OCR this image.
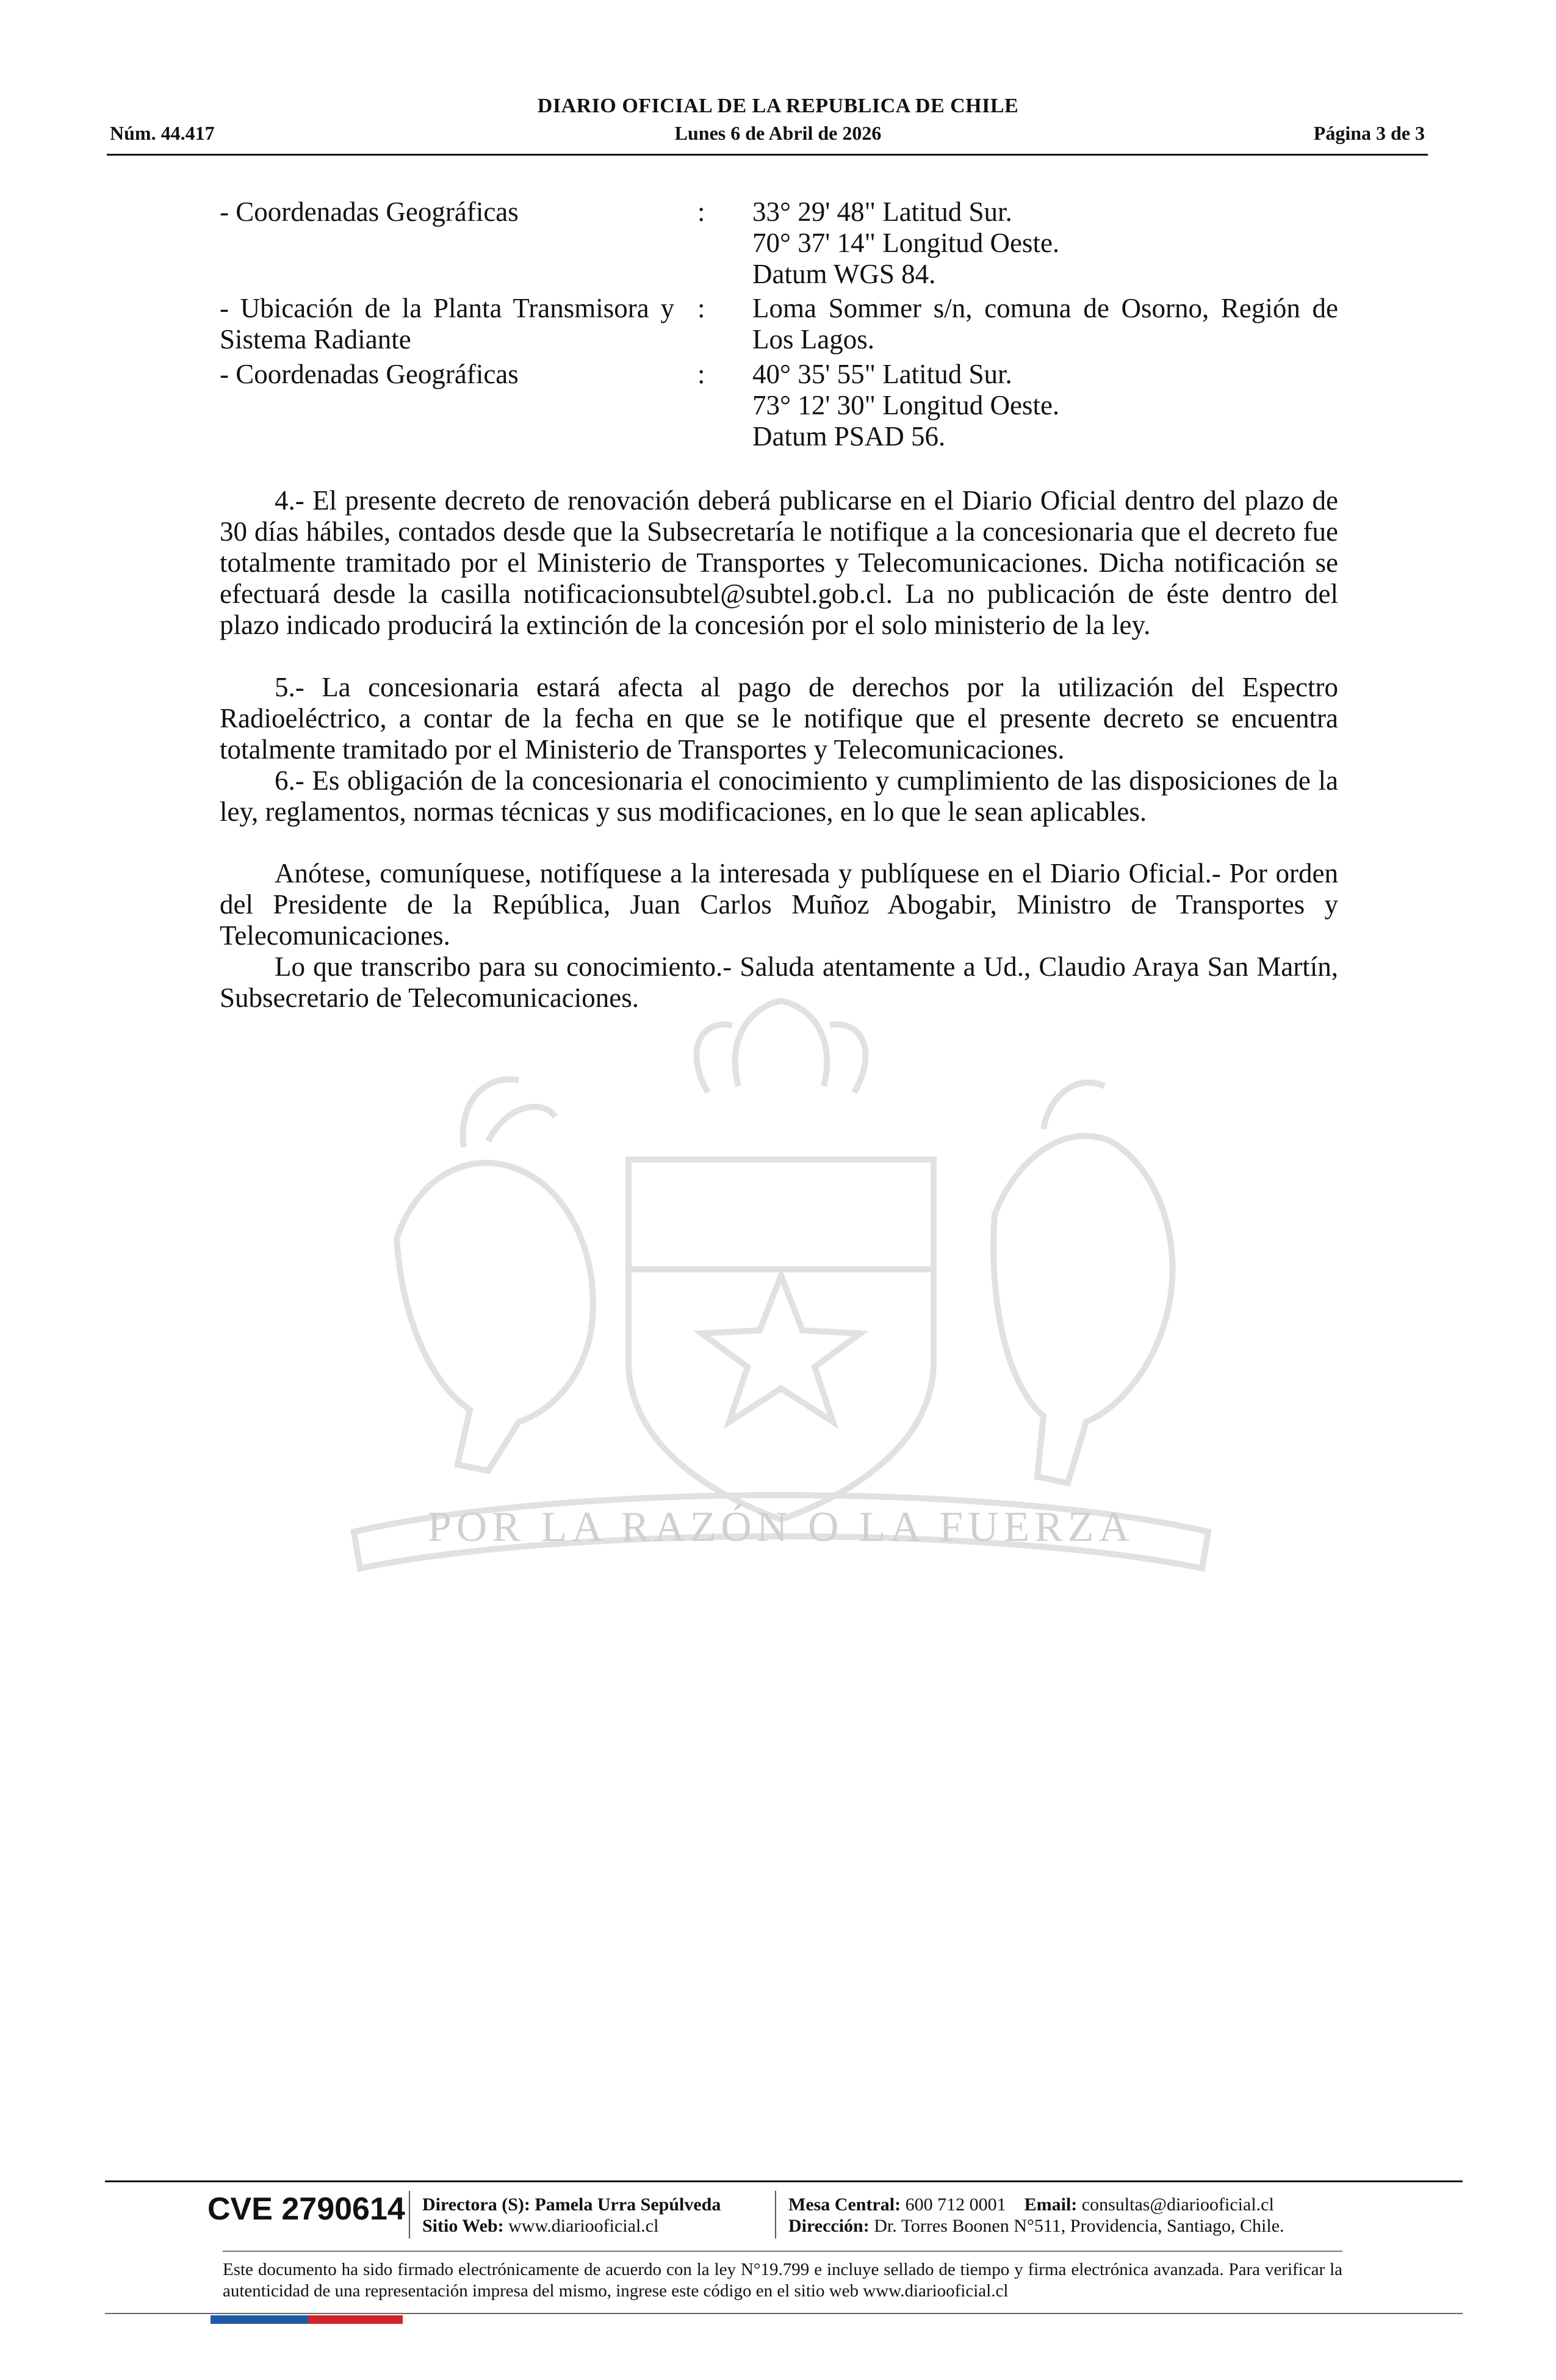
POR LA RAZÓN O LA FUERZA
DIARIO OFICIAL DE LA REPUBLICA DE CHILE
Núm. 44.417	Lunes 6 de Abril de 2026	Página 3 de 3
- Coordenadas Geográficas	: 33° 29' 48" Latitud Sur.
70° 37' 14" Longitud Oeste.
Datum WGS 84.
- Ubicación de la Planta Transmisora y Sistema Radiante
: Loma Sommer s/n, comuna de Osorno, Región de Los Lagos.
- Coordenadas Geográficas	: 40° 35' 55" Latitud Sur.
73° 12' 30" Longitud Oeste.
Datum PSAD 56.
4.- El presente decreto de renovación deberá publicarse en el Diario Oficial dentro del plazo de 30 días hábiles, contados desde que la Subsecretaría le notifique a la concesionaria que el decreto fue totalmente tramitado por el Ministerio de Transportes y Telecomunicaciones. Dicha notificación se efectuará desde la casilla notificacionsubtel@subtel.gob.cl. La no publicación de éste dentro del plazo indicado producirá la extinción de la concesión por el solo ministerio de la ley.
5.- La concesionaria estará afecta al pago de derechos por la utilización del Espectro Radioeléctrico, a contar de la fecha en que se le notifique que el presente decreto se encuentra totalmente tramitado por el Ministerio de Transportes y Telecomunicaciones.
6.- Es obligación de la concesionaria el conocimiento y cumplimiento de las disposiciones de la ley, reglamentos, normas técnicas y sus modificaciones, en lo que le sean aplicables.
Anótese, comuníquese, notifíquese a la interesada y publíquese en el Diario Oficial.- Por orden del Presidente de la República, Juan Carlos Muñoz Abogabir, Ministro de Transportes y Telecomunicaciones.
Lo que transcribo para su conocimiento.- Saluda atentamente a Ud., Claudio Araya San Martín, Subsecretario de Telecomunicaciones.
CVE 2790614 Directora (S): Pamela Urra Sepúlveda
Sitio Web: www.diariooficial.cl
Mesa Central: 600 712 0001 Email: consultas@diariooficial.cl
Dirección: Dr. Torres Boonen N°511, Providencia, Santiago, Chile.
Este documento ha sido firmado electrónicamente de acuerdo con la ley N°19.799 e incluye sellado de tiempo y firma electrónica avanzada. Para verificar la autenticidad de una representación impresa del mismo, ingrese este código en el sitio web www.diariooficial.cl
